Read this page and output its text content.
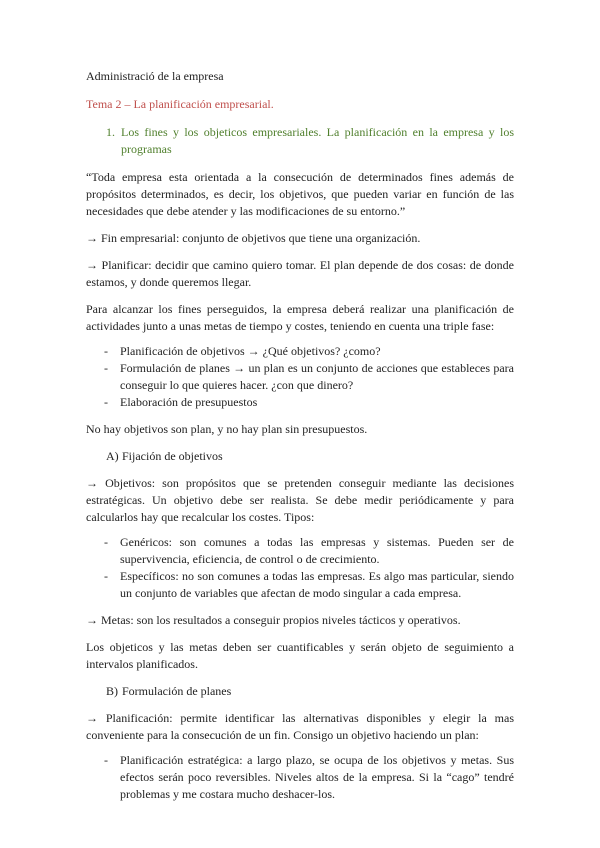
Administració de la empresa

Tema 2 – La planificación empresarial.

1. Los fines y los objeticos empresariales. La planificación en la empresa y los programas

“Toda empresa esta orientada a la consecución de determinados fines además de propósitos determinados, es decir, los objetivos, que pueden variar en función de las necesidades que debe atender y las modificaciones de su entorno.”

→ Fin empresarial: conjunto de objetivos que tiene una organización.

→ Planificar: decidir que camino quiero tomar. El plan depende de dos cosas: de donde estamos, y donde queremos llegar.

Para alcanzar los fines perseguidos, la empresa deberá realizar una planificación de actividades junto a unas metas de tiempo y costes, teniendo en cuenta una triple fase:

-	Planificación de objetivos → ¿Qué objetivos? ¿como?
-	Formulación de planes → un plan es un conjunto de acciones que estableces para conseguir lo que quieres hacer. ¿con que dinero?
-	Elaboración de presupuestos

No hay objetivos son plan, y no hay plan sin presupuestos.

A) Fijación de objetivos

→ Objetivos: son propósitos que se pretenden conseguir mediante las decisiones estratégicas. Un objetivo debe ser realista. Se debe medir periódicamente y para calcularlos hay que recalcular los costes. Tipos:

-	Genéricos: son comunes a todas las empresas y sistemas. Pueden ser de supervivencia, eficiencia, de control o de crecimiento.
-	Específicos: no son comunes a todas las empresas. Es algo mas particular, siendo un conjunto de variables que afectan de modo singular a cada empresa.

→ Metas: son los resultados a conseguir propios niveles tácticos y operativos.

Los objeticos y las metas deben ser cuantificables y serán objeto de seguimiento a intervalos planificados.

B) Formulación de planes

→ Planificación: permite identificar las alternativas disponibles y elegir la mas conveniente para la consecución de un fin. Consigo un objetivo haciendo un plan:

-	Planificación estratégica: a largo plazo, se ocupa de los objetivos y metas. Sus efectos serán poco reversibles. Niveles altos de la empresa. Si la “cago” tendré problemas y me costara mucho deshacer-los.
